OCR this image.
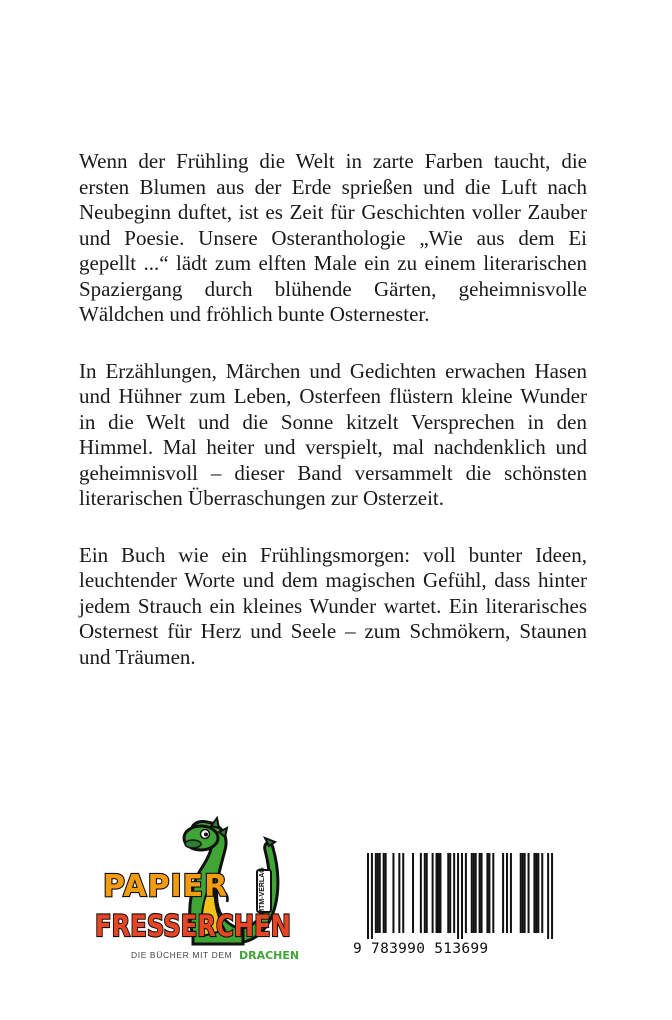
Wenn der Frühling die Welt in zarte Farben taucht, die ersten Blumen aus der Erde sprießen und die Luft nach Neubeginn duftet, ist es Zeit für Geschichten voller Zauber und Poesie. Unsere Osteranthologie „Wie aus dem Ei gepellt ...“ lädt zum elften Male ein zu einem literarischen Spaziergang durch blühende Gärten, geheimnisvolle Wäldchen und fröhlich bunte Osternester.

In Erzählungen, Märchen und Gedichten erwachen Hasen und Hühner zum Leben, Osterfeen flüstern kleine Wunder in die Welt und die Sonne kitzelt Versprechen in den Himmel. Mal heiter und verspielt, mal nachdenklich und geheimnisvoll – dieser Band versammelt die schönsten literarischen Überraschungen zur Osterzeit.

Ein Buch wie ein Frühlingsmorgen: voll bunter Ideen, leuchtender Worte und dem magischen Gefühl, dass hinter jedem Strauch ein kleines Wunder wartet. Ein literarisches Osternest für Herz und Seele – zum Schmökern, Staunen und Träumen.

MTM-VERLAG
PAPIER
FRESSERCHEN
DIE BÜCHER MIT DEM DRACHEN	9 783990 513699
